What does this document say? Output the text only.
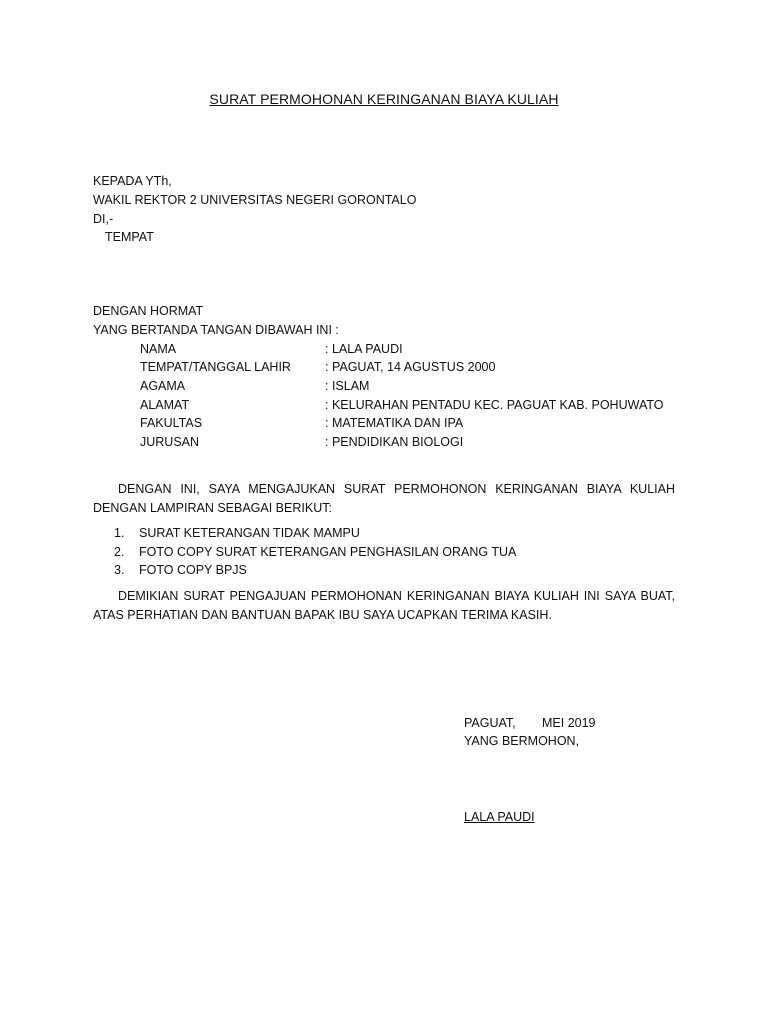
SURAT PERMOHONAN KERINGANAN BIAYA KULIAH
KEPADA YTh,
WAKIL REKTOR 2 UNIVERSITAS NEGERI GORONTALO
DI,-
TEMPAT
DENGAN HORMAT
YANG BERTANDA TANGAN DIBAWAH INI :
NAMA	: LALA PAUDI
TEMPAT/TANGGAL LAHIR	: PAGUAT, 14 AGUSTUS 2000
AGAMA	: ISLAM
ALAMAT	: KELURAHAN PENTADU KEC. PAGUAT KAB. POHUWATO
FAKULTAS	: MATEMATIKA DAN IPA
JURUSAN	: PENDIDIKAN BIOLOGI
DENGAN INI, SAYA MENGAJUKAN SURAT PERMOHONON KERINGANAN BIAYA KULIAH DENGAN LAMPIRAN SEBAGAI BERIKUT:
1. SURAT KETERANGAN TIDAK MAMPU
2. FOTO COPY SURAT KETERANGAN PENGHASILAN ORANG TUA
3. FOTO COPY BPJS
DEMIKIAN SURAT PENGAJUAN PERMOHONAN KERINGANAN BIAYA KULIAH INI SAYA BUAT, ATAS PERHATIAN DAN BANTUAN BAPAK IBU SAYA UCAPKAN TERIMA KASIH.
PAGUAT, MEI 2019
YANG BERMOHON,
LALA PAUDI
